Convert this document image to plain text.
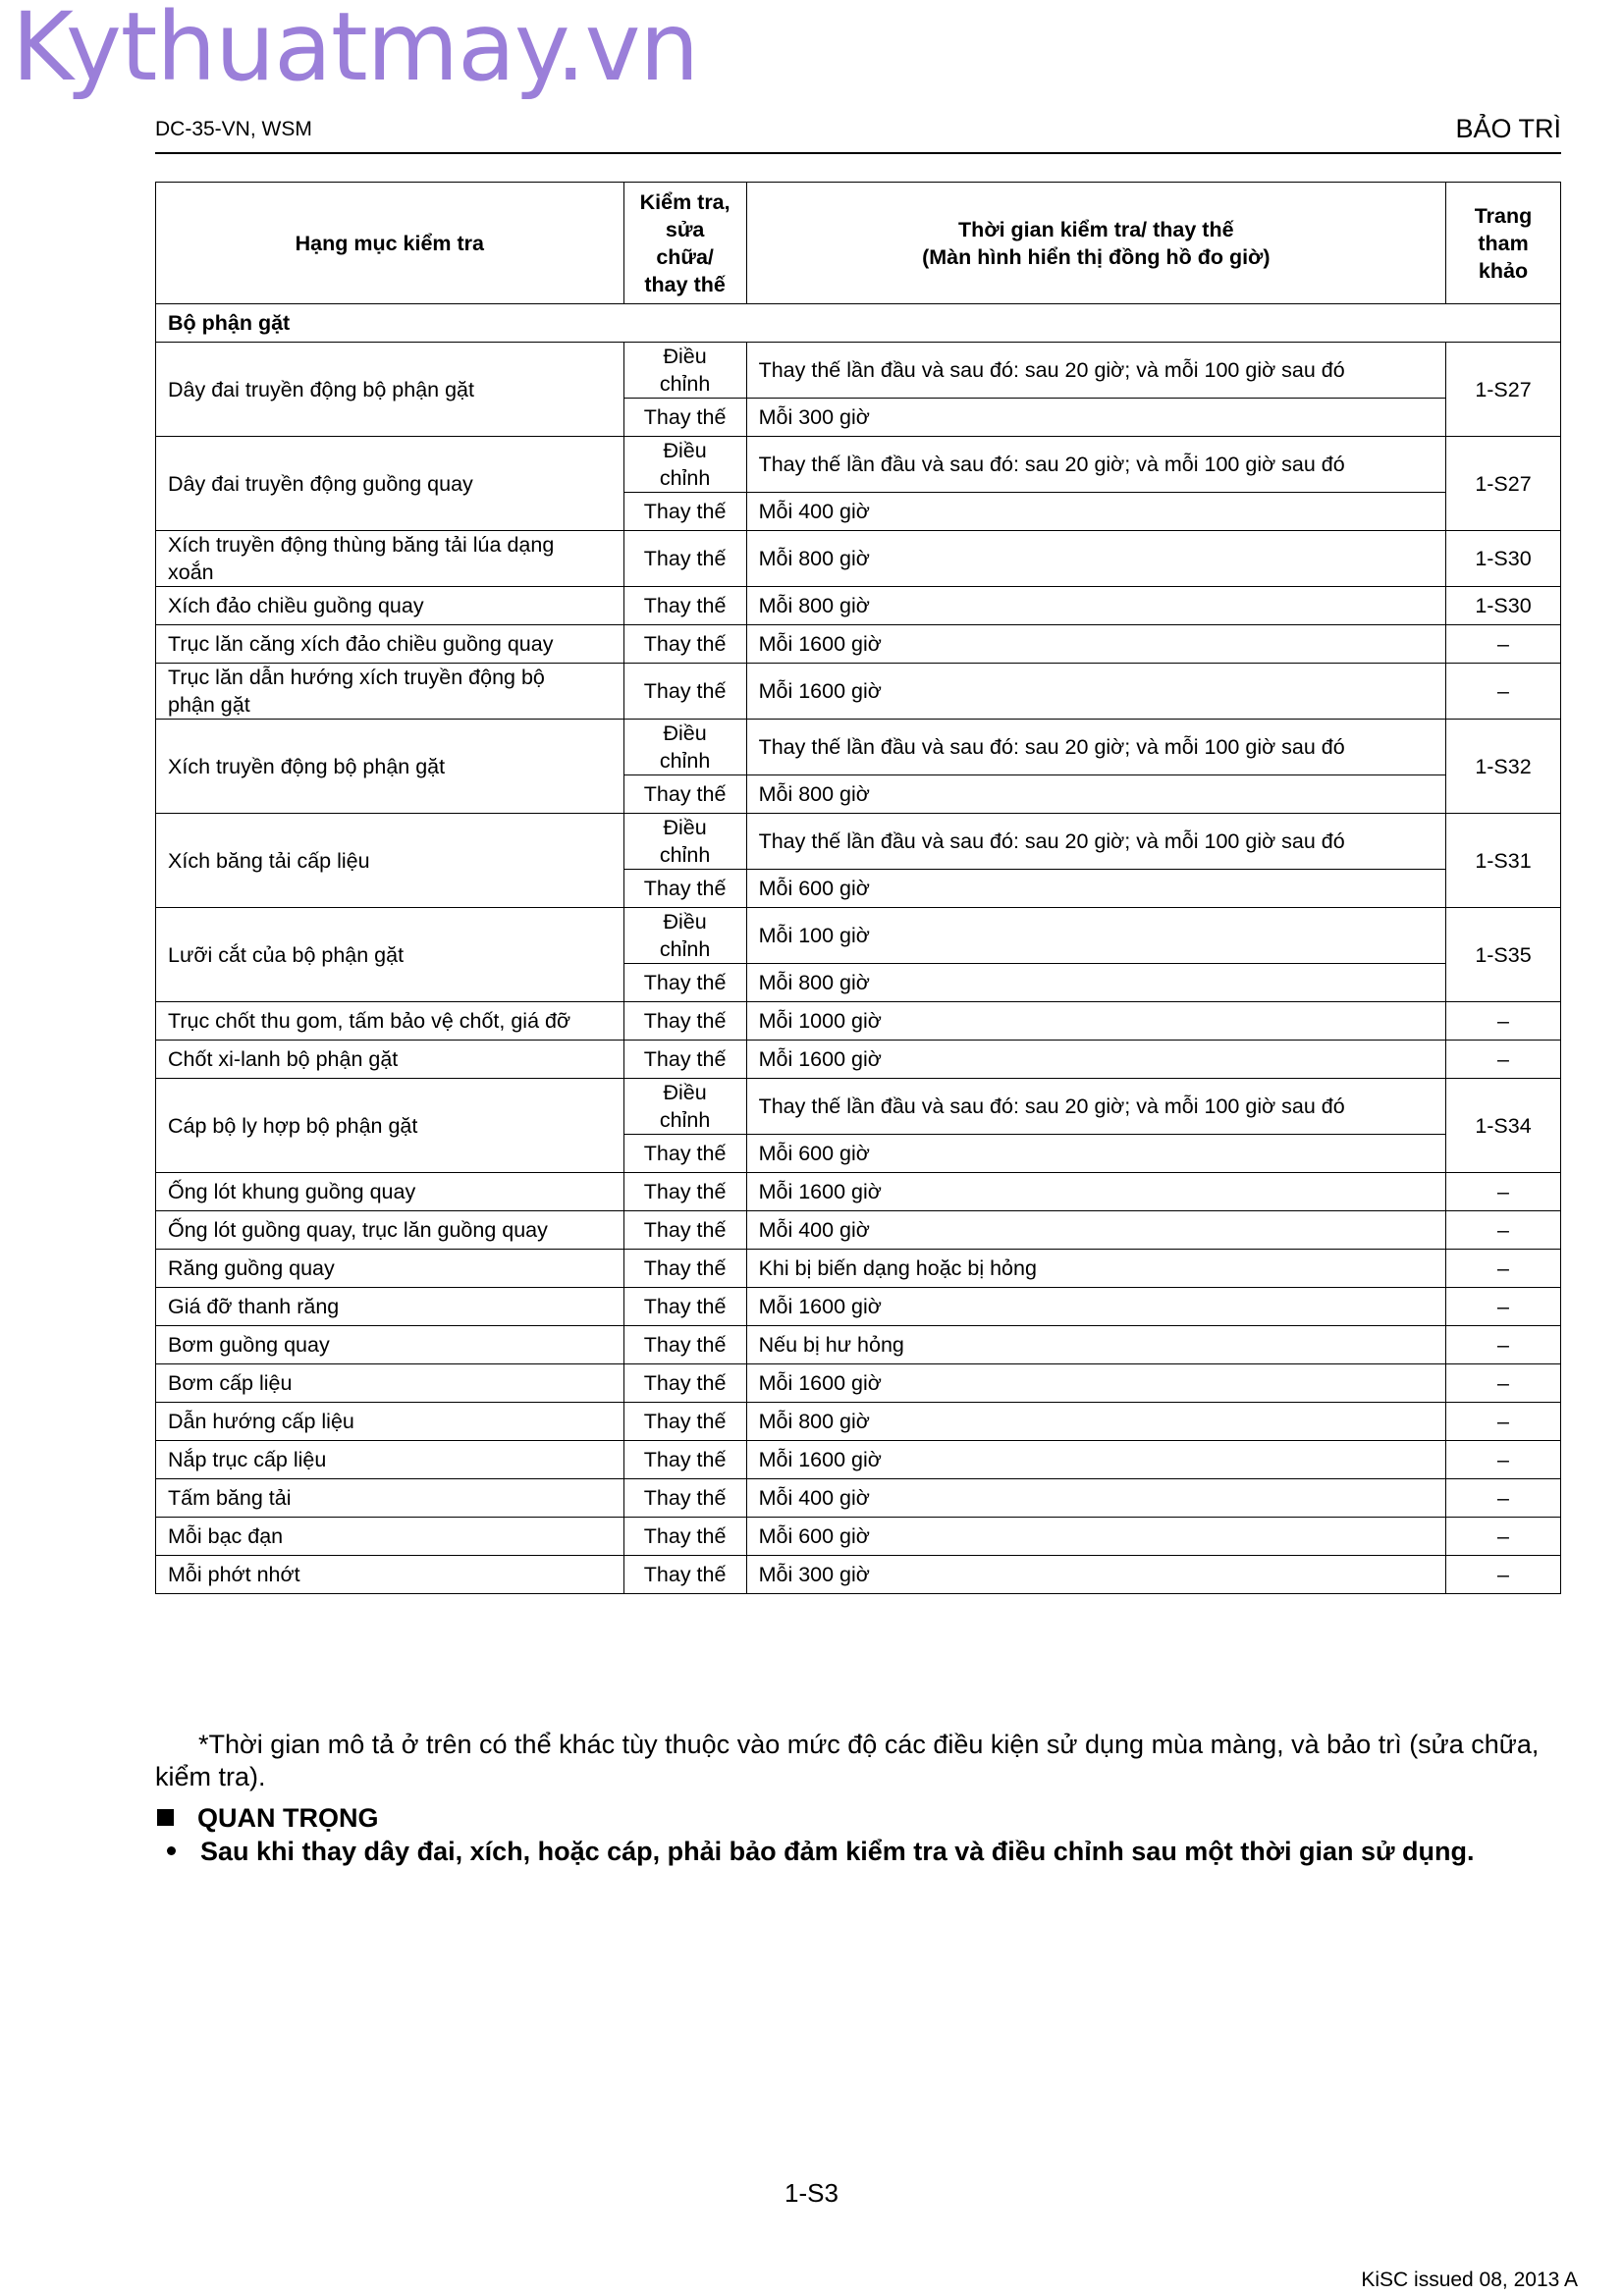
Kythuatmay.vn
DC-35-VN, WSM	BẢO TRÌ
Hạng mục kiểm tra	Kiểm tra,
sửa
chữa/
thay thế	Thời gian kiểm tra/ thay thế
(Màn hình hiển thị đồng hồ đo giờ)	Trang
tham
khảo
Bộ phận gặt			
Dây đai truyền động bộ phận gặt	Điều
chỉnh	Thay thế lần đầu và sau đó: sau 20 giờ; và mỗi 100 giờ sau đó	1-S27
	Thay thế	Mỗi 300 giờ	
Dây đai truyền động guồng quay	Điều
chỉnh	Thay thế lần đầu và sau đó: sau 20 giờ; và mỗi 100 giờ sau đó	1-S27
	Thay thế	Mỗi 400 giờ	
Xích truyền động thùng băng tải lúa dạng
xoắn	Thay thế	Mỗi 800 giờ	1-S30
Xích đảo chiều guồng quay	Thay thế	Mỗi 800 giờ	1-S30
Trục lăn căng xích đảo chiều guồng quay	Thay thế	Mỗi 1600 giờ	–
Trục lăn dẫn hướng xích truyền động bộ
phận gặt	Thay thế	Mỗi 1600 giờ	–
Xích truyền động bộ phận gặt	Điều
chỉnh	Thay thế lần đầu và sau đó: sau 20 giờ; và mỗi 100 giờ sau đó	1-S32
	Thay thế	Mỗi 800 giờ	
Xích băng tải cấp liệu	Điều
chỉnh	Thay thế lần đầu và sau đó: sau 20 giờ; và mỗi 100 giờ sau đó	1-S31
	Thay thế	Mỗi 600 giờ	
Lưỡi cắt của bộ phận gặt	Điều
chỉnh	Mỗi 100 giờ	1-S35
	Thay thế	Mỗi 800 giờ	
Trục chốt thu gom, tấm bảo vệ chốt, giá đỡ	Thay thế	Mỗi 1000 giờ	–
Chốt xi-lanh bộ phận gặt	Thay thế	Mỗi 1600 giờ	–
Cáp bộ ly hợp bộ phận gặt	Điều
chỉnh	Thay thế lần đầu và sau đó: sau 20 giờ; và mỗi 100 giờ sau đó	1-S34
	Thay thế	Mỗi 600 giờ	
Ống lót khung guồng quay	Thay thế	Mỗi 1600 giờ	–
Ống lót guồng quay, trục lăn guồng quay	Thay thế	Mỗi 400 giờ	–
Răng guồng quay	Thay thế	Khi bị biến dạng hoặc bị hỏng	–
Giá đỡ thanh răng	Thay thế	Mỗi 1600 giờ	–
Bơm guồng quay	Thay thế	Nếu bị hư hỏng	–
Bơm cấp liệu	Thay thế	Mỗi 1600 giờ	–
Dẫn hướng cấp liệu	Thay thế	Mỗi 800 giờ	–
Nắp trục cấp liệu	Thay thế	Mỗi 1600 giờ	–
Tấm băng tải	Thay thế	Mỗi 400 giờ	–
Mỗi bạc đạn	Thay thế	Mỗi 600 giờ	–
Mỗi phớt nhớt	Thay thế	Mỗi 300 giờ	–
*Thời gian mô tả ở trên có thể khác tùy thuộc vào mức độ các điều kiện sử dụng mùa màng, và bảo trì (sửa chữa, kiểm tra).
QUAN TRỌNG
Sau khi thay dây đai, xích, hoặc cáp, phải bảo đảm kiểm tra và điều chỉnh sau một thời gian sử dụng.
1-S3
KiSC issued 08, 2013 A
